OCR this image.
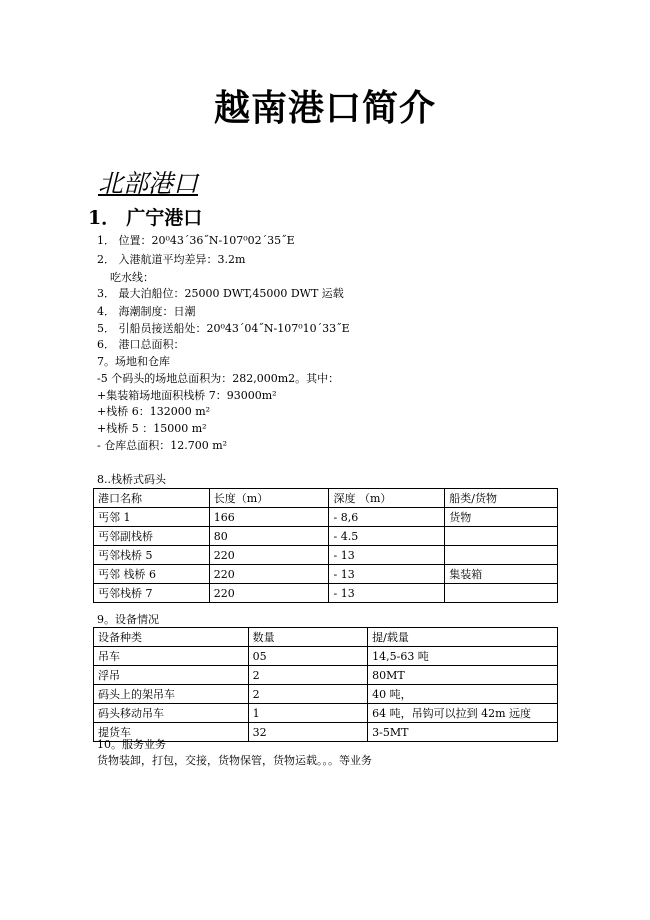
越南港口简介
北部港口
1． 广宁港口
1． 位置：20⁰43΄36˝N-107⁰02΄35˝E
2． 入港航道平均差异：3.2m
吃水线：
3． 最大泊船位：25000 DWT,45000 DWT 运载
4． 海潮制度：日潮
5． 引船员接送船处：20⁰43΄04˝N-107⁰10΄33˝E
6． 港口总面积：
7。场地和仓库
-5 个码头的场地总面积为：282,000m2。其中：
+集装箱场地面积栈桥 7：93000m²
+栈桥 6：132000 m²
+栈桥 5 ：15000 m²
- 仓库总面积：12.700 m²
8..栈桥式码头
港口名称	长度（m）	深度 （m）	船类/货物
丐邻 1	166	- 8,6	货物
丐邻副栈桥	80	- 4.5	
丐邻栈桥 5	220	- 13	
丐邻 栈桥 6	220	- 13	集装箱
丐邻栈桥 7	220	- 13	
9。设备情况
设备种类	数量	提/载量
吊车	05	14,5-63 吨
浮吊	2	80MT
码头上的架吊车	2	40 吨，
码头移动吊车	1	64 吨，吊钩可以拉到 42m 远度
提货车	32	3-5MT
10。服务业务
货物装卸，打包，交接，货物保管，货物运载。。。等业务
